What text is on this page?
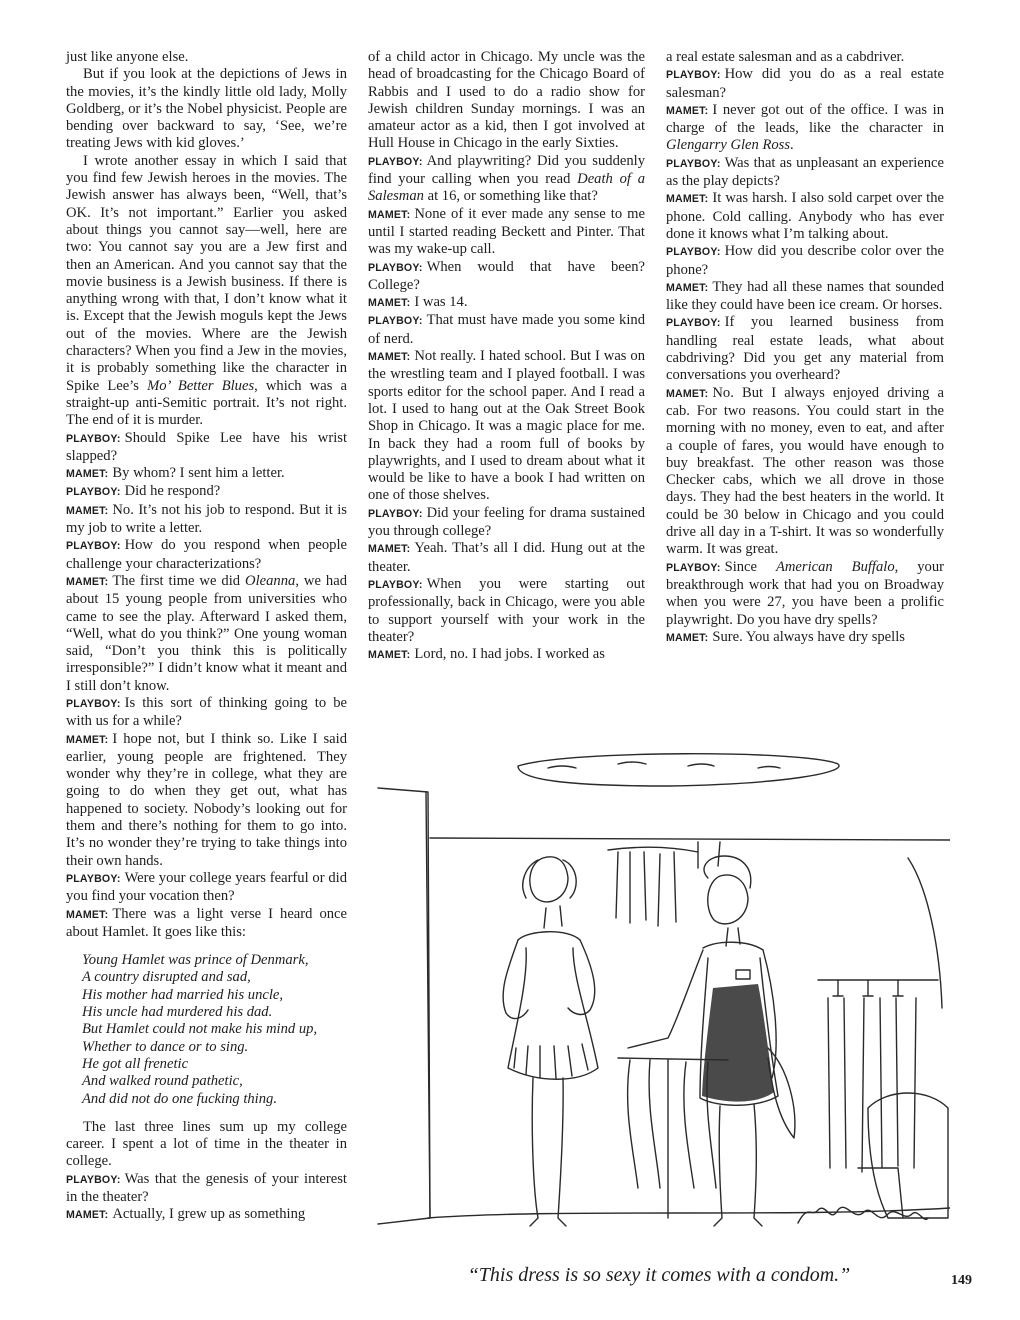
just like anyone else.

But if you look at the depictions of Jews in the movies, it’s the kindly little old lady, Molly Goldberg, or it’s the Nobel physicist. People are bending over backward to say, ‘See, we’re treating Jews with kid gloves.’

I wrote another essay in which I said that you find few Jewish heroes in the movies. The Jewish answer has always been, “Well, that’s OK. It’s not important.” Earlier you asked about things you cannot say—well, here are two: You cannot say you are a Jew first and then an American. And you cannot say that the movie business is a Jewish business. If there is anything wrong with that, I don’t know what it is. Except that the Jewish moguls kept the Jews out of the movies. Where are the Jewish characters? When you find a Jew in the movies, it is probably something like the character in Spike Lee’s Mo’ Better Blues, which was a straight-up anti-Semitic portrait. It’s not right. The end of it is murder.

PLAYBOY: Should Spike Lee have his wrist slapped?

MAMET: By whom? I sent him a letter.

PLAYBOY: Did he respond?

MAMET: No. It’s not his job to respond. But it is my job to write a letter.

PLAYBOY: How do you respond when people challenge your characterizations?

MAMET: The first time we did Oleanna, we had about 15 young people from universities who came to see the play. Afterward I asked them, “Well, what do you think?” One young woman said, “Don’t you think this is politically irresponsible?” I didn’t know what it meant and I still don’t know.

PLAYBOY: Is this sort of thinking going to be with us for a while?

MAMET: I hope not, but I think so. Like I said earlier, young people are frightened. They wonder why they’re in college, what they are going to do when they get out, what has happened to society. Nobody’s looking out for them and there’s nothing for them to go into. It’s no wonder they’re trying to take things into their own hands.

PLAYBOY: Were your college years fearful or did you find your vocation then?

MAMET: There was a light verse I heard once about Hamlet. It goes like this:

Young Hamlet was prince of Denmark,
A country disrupted and sad,
His mother had married his uncle,
His uncle had murdered his dad.
But Hamlet could not make his mind up,
Whether to dance or to sing.
He got all frenetic
And walked round pathetic,
And did not do one fucking thing.

The last three lines sum up my college career. I spent a lot of time in the theater in college.

PLAYBOY: Was that the genesis of your interest in the theater?

MAMET: Actually, I grew up as something

of a child actor in Chicago. My uncle was the head of broadcasting for the Chicago Board of Rabbis and I used to do a radio show for Jewish children Sunday mornings. I was an amateur actor as a kid, then I got involved at Hull House in Chicago in the early Sixties.

PLAYBOY: And playwriting? Did you suddenly find your calling when you read Death of a Salesman at 16, or something like that?

MAMET: None of it ever made any sense to me until I started reading Beckett and Pinter. That was my wake-up call.

PLAYBOY: When would that have been? College?

MAMET: I was 14.

PLAYBOY: That must have made you some kind of nerd.

MAMET: Not really. I hated school. But I was on the wrestling team and I played football. I was sports editor for the school paper. And I read a lot. I used to hang out at the Oak Street Book Shop in Chicago. It was a magic place for me. In back they had a room full of books by playwrights, and I used to dream about what it would be like to have a book I had written on one of those shelves.

PLAYBOY: Did your feeling for drama sustained you through college?

MAMET: Yeah. That’s all I did. Hung out at the theater.

PLAYBOY: When you were starting out professionally, back in Chicago, were you able to support yourself with your work in the theater?

MAMET: Lord, no. I had jobs. I worked as

a real estate salesman and as a cabdriver.

PLAYBOY: How did you do as a real estate salesman?

MAMET: I never got out of the office. I was in charge of the leads, like the character in Glengarry Glen Ross.

PLAYBOY: Was that as unpleasant an experience as the play depicts?

MAMET: It was harsh. I also sold carpet over the phone. Cold calling. Anybody who has ever done it knows what I’m talking about.

PLAYBOY: How did you describe color over the phone?

MAMET: They had all these names that sounded like they could have been ice cream. Or horses.

PLAYBOY: If you learned business from handling real estate leads, what about cabdriving? Did you get any material from conversations you overheard?

MAMET: No. But I always enjoyed driving a cab. For two reasons. You could start in the morning with no money, even to eat, and after a couple of fares, you would have enough to buy breakfast. The other reason was those Checker cabs, which we all drove in those days. They had the best heaters in the world. It could be 30 below in Chicago and you could drive all day in a T-shirt. It was so wonderfully warm. It was great.

PLAYBOY: Since American Buffalo, your breakthrough work that had you on Broadway when you were 27, you have been a prolific playwright. Do you have dry spells?

MAMET: Sure. You always have dry spells

“This dress is so sexy it comes with a condom.”	149
